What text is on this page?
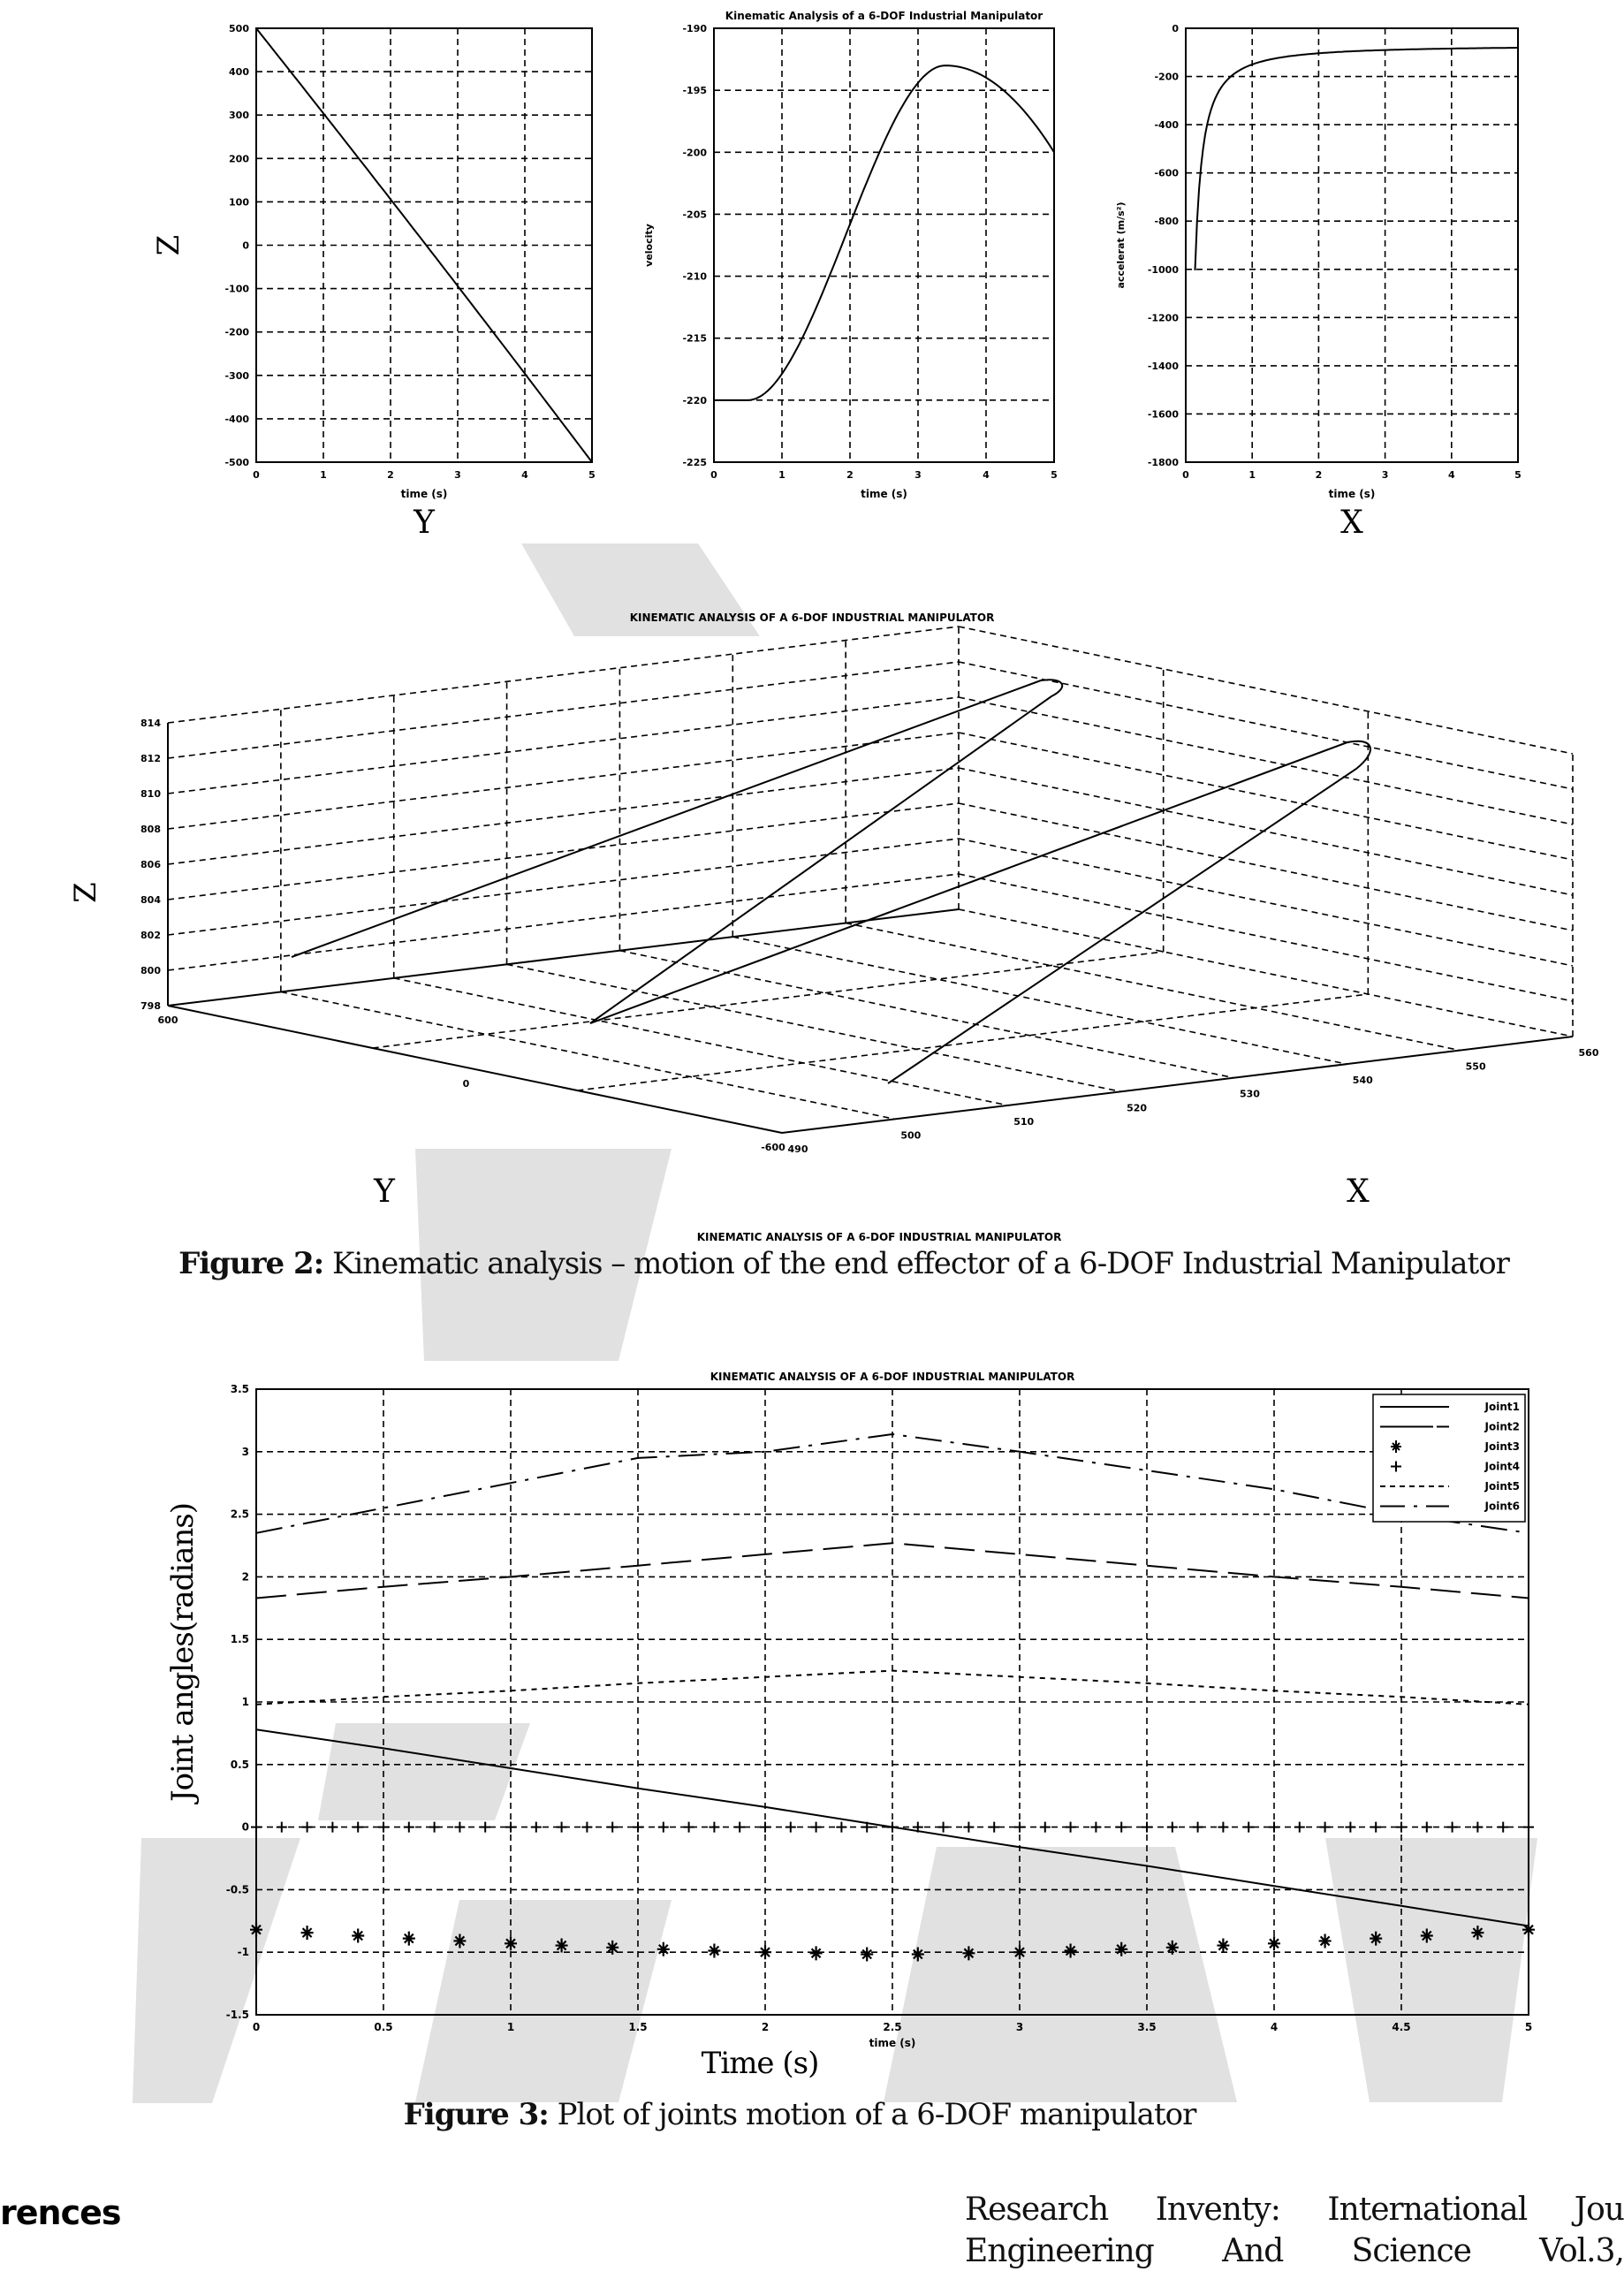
0	1	2	3	4	5
500
400
300
200
100
0
-100
-200
-300
-400
-500
time (s)
Z
Y
0	1	2	3	4	5
-190
-195
-200
-205
-210
-215
-220
-225
time (s)
velocity
Kinematic Analysis of a 6-DOF Industrial Manipulator
0	1	2	3	4	5
0
-200
-400
-600
-800
-1000
-1200
-1400
-1600
-1800
time (s)
accelerat (m/s²)
X
KINEMATIC ANALYSIS OF A 6-DOF INDUSTRIAL MANIPULATOR
814
812
810
808
806
804
802
800
798
600
0
-600 490
500
510
520
530
540
550
560
Z
Y	X
KINEMATIC ANALYSIS OF A 6-DOF INDUSTRIAL MANIPULATOR
KINEMATIC ANALYSIS OF A 6-DOF INDUSTRIAL MANIPULATOR
0	0.5	1	1.5	2	2.5	3	3.5	4	4.5	5
3.5
3
2.5
2
1.5
1
0.5
0
-0.5
-1
-1.5
time (s)
Time (s)
Joint angles(radians)
Joint1
Joint2
Joint3
Joint4
Joint5
Joint6
Figure 2: Kinematic analysis – motion of the end effector of a 6-DOF Industrial Manipulator
Figure 3: Plot of joints motion of a 6-DOF manipulator
rences	Research Inventy: International Jou
Engineering And Science Vol.3,
